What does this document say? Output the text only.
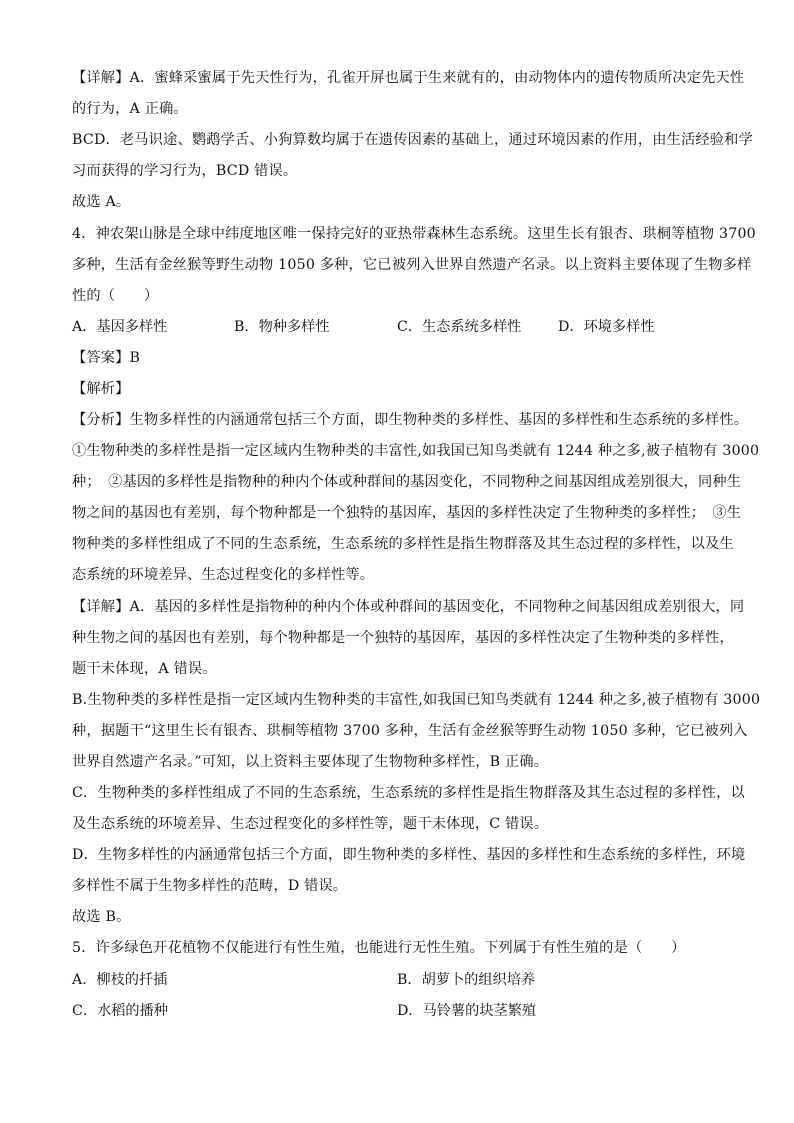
【详解】A．蜜蜂采蜜属于先天性行为，孔雀开屏也属于生来就有的，由动物体内的遗传物质所决定先天性
的行为，A 正确。
BCD．老马识途、鹦鹉学舌、小狗算数均属于在遗传因素的基础上，通过环境因素的作用，由生活经验和学
习而获得的学习行为，BCD 错误。
故选 A。
4．神农架山脉是全球中纬度地区唯一保持完好的亚热带森林生态系统。这里生长有银杏、珙桐等植物 3700
多种，生活有金丝猴等野生动物 1050 多种，它已被列入世界自然遗产名录。以上资料主要体现了生物多样
性的（　　）
A．基因多样性	B．物种多样性	C．生态系统多样性	D．环境多样性
【答案】B
【解析】
【分析】生物多样性的内涵通常包括三个方面，即生物种类的多样性、基因的多样性和生态系统的多样性。
①生物种类的多样性是指一定区域内生物种类的丰富性,如我国已知鸟类就有 1244 种之多,被子植物有 3000
种；　②基因的多样性是指物种的种内个体或种群间的基因变化，不同物种之间基因组成差别很大，同种生
物之间的基因也有差别，每个物种都是一个独特的基因库，基因的多样性决定了生物种类的多样性；　③生
物种类的多样性组成了不同的生态系统，生态系统的多样性是指生物群落及其生态过程的多样性，以及生
态系统的环境差异、生态过程变化的多样性等。
【详解】A．基因的多样性是指物种的种内个体或种群间的基因变化，不同物种之间基因组成差别很大，同
种生物之间的基因也有差别，每个物种都是一个独特的基因库，基因的多样性决定了生物种类的多样性，
题干未体现，A 错误。
B.生物种类的多样性是指一定区域内生物种类的丰富性,如我国已知鸟类就有 1244 种之多,被子植物有 3000
种，据题干“这里生长有银杏、珙桐等植物 3700 多种，生活有金丝猴等野生动物 1050 多种，它已被列入
世界自然遗产名录。”可知，以上资料主要体现了生物物种多样性，B 正确。
C．生物种类的多样性组成了不同的生态系统，生态系统的多样性是指生物群落及其生态过程的多样性，以
及生态系统的环境差异、生态过程变化的多样性等，题干未体现，C 错误。
D．生物多样性的内涵通常包括三个方面，即生物种类的多样性、基因的多样性和生态系统的多样性，环境
多样性不属于生物多样性的范畴，D 错误。
故选 B。
5．许多绿色开花植物不仅能进行有性生殖，也能进行无性生殖。下列属于有性生殖的是（　　）
A．柳枝的扦插	B．胡萝卜的组织培养
C．水稻的播种	D．马铃薯的块茎繁殖
